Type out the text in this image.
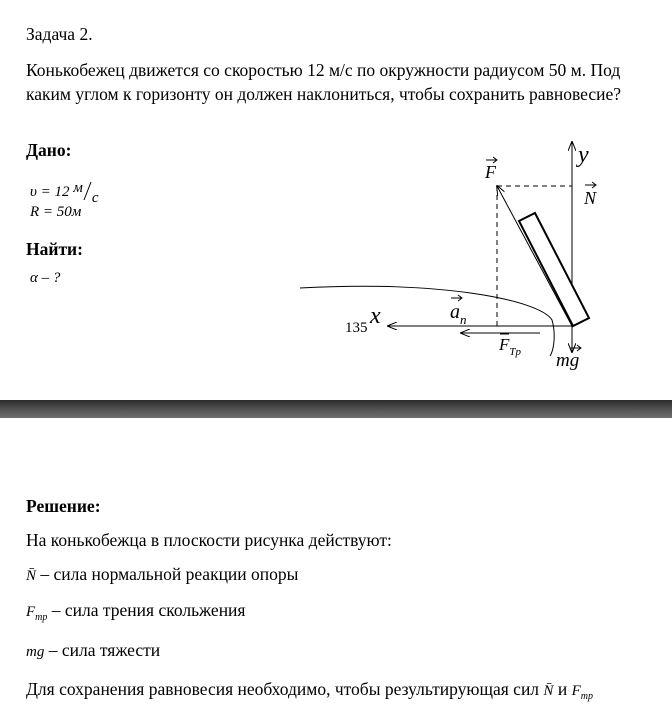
Задача 2.
Конькобежец движется со скоростью 12 м/с по окружности радиусом 50 м. Под каким углом к горизонту он должен наклониться, чтобы сохранить равновесие?
Дано:
υ = 12 мc
R = 50м
Найти:
α – ?
y
x
135
F
N
$a_n$
$F_{Tp}$ mg
Решение:
На конькобежца в плоскости рисунка действуют:
N̄ – сила нормальной реакции опоры
$F_{тр}$ – сила трения скольжения
mg – сила тяжести
Для сохранения равновесия необходимо, чтобы результирующая сил N̄ и $F_{тр}$
